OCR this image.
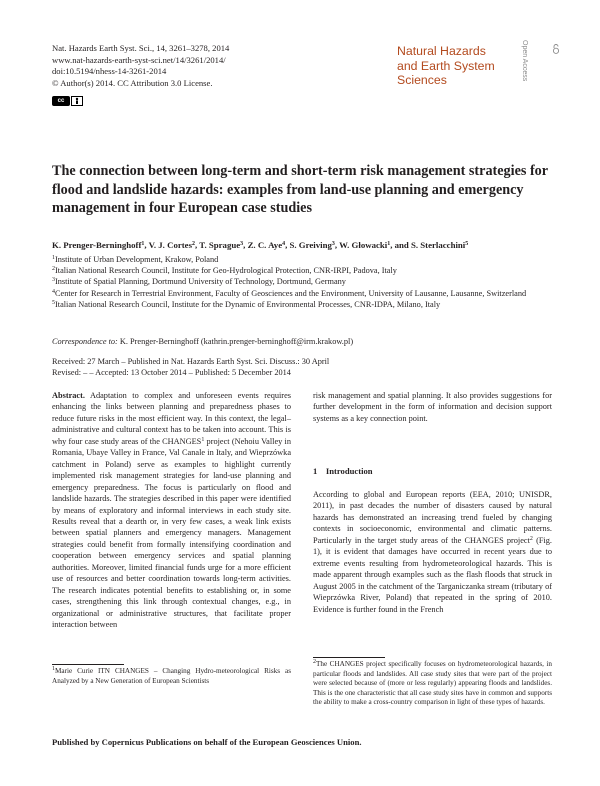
Nat. Hazards Earth Syst. Sci., 14, 3261–3278, 2014
www.nat-hazards-earth-syst-sci.net/14/3261/2014/
doi:10.5194/nhess-14-3261-2014
© Author(s) 2014. CC Attribution 3.0 License.
cc
Natural Hazards
and Earth System
Sciences	Open Access
The connection between long-term and short-term risk management strategies for flood and landslide hazards: examples from land-use planning and emergency management in four European case studies
K. Prenger-Berninghoff$^1$, V. J. Cortes$^2$, T. Sprague$^3$, Z. C. Aye$^4$, S. Greiving$^3$, W. Głowacki$^1$, and S. Sterlacchini$^5$
$^1$Institute of Urban Development, Krakow, Poland
$^2$Italian National Research Council, Institute for Geo-Hydrological Protection, CNR-IRPI, Padova, Italy
$^3$Institute of Spatial Planning, Dortmund University of Technology, Dortmund, Germany
$^4$Center for Research in Terrestrial Environment, Faculty of Geosciences and the Environment, University of Lausanne, Lausanne, Switzerland
$^5$Italian National Research Council, Institute for the Dynamic of Environmental Processes, CNR-IDPA, Milano, Italy
Correspondence to: K. Prenger-Berninghoff (kathrin.prenger-berninghoff@irm.krakow.pl)
Received: 27 March – Published in Nat. Hazards Earth Syst. Sci. Discuss.: 30 April
Revised: – – Accepted: 13 October 2014 – Published: 5 December 2014

Abstract. Adaptation to complex and unforeseen events requires enhancing the links between planning and preparedness phases to reduce future risks in the most efficient way. In this context, the legal–administrative and cultural context has to be taken into account. This is why four case study areas of the CHANGES$^1$ project (Nehoiu Valley in Romania, Ubaye Valley in France, Val Canale in Italy, and Wieprzówka catchment in Poland) serve as examples to highlight currently implemented risk management strategies for land-use planning and emergency preparedness. The focus is particularly on flood and landslide hazards. The strategies described in this paper were identified by means of exploratory and informal interviews in each study site. Results reveal that a dearth or, in very few cases, a weak link exists between spatial planners and emergency managers. Management strategies could benefit from formally intensifying coordination and cooperation between emergency services and spatial planning authorities. Moreover, limited financial funds urge for a more efficient use of resources and better coordination towards long-term activities. The research indicates potential benefits to establishing or, in some cases, strengthening this link through contextual changes, e.g., in organizational or administrative structures, that facilitate proper interaction between

risk management and spatial planning. It also provides suggestions for further development in the form of information and decision support systems as a key connection point.
1    Introduction

According to global and European reports (EEA, 2010; UNISDR, 2011), in past decades the number of disasters caused by natural hazards has demonstrated an increasing trend fueled by changing contexts in socioeconomic, environmental and climatic patterns. Particularly in the target study areas of the CHANGES project$^2$ (Fig. 1), it is evident that damages have occurred in recent years due to extreme events resulting from hydrometeorological hazards. This is made apparent through examples such as the flash floods that struck in August 2005 in the catchment of the Targaniczanka stream (tributary of Wieprzówka River, Poland) that repeated in the spring of 2010. Evidence is further found in the French

$^1$Marie Curie ITN CHANGES – Changing Hydro-meteorological Risks as Analyzed by a New Generation of European Scientists
$^2$The CHANGES project specifically focuses on hydrometeorological hazards, in particular floods and landslides. All case study sites that were part of the project were selected because of (more or less regularly) appearing floods and landslides. This is the one characteristic that all case study sites have in common and supports the ability to make a cross-country comparison in light of these types of hazards.
Published by Copernicus Publications on behalf of the European Geosciences Union.
